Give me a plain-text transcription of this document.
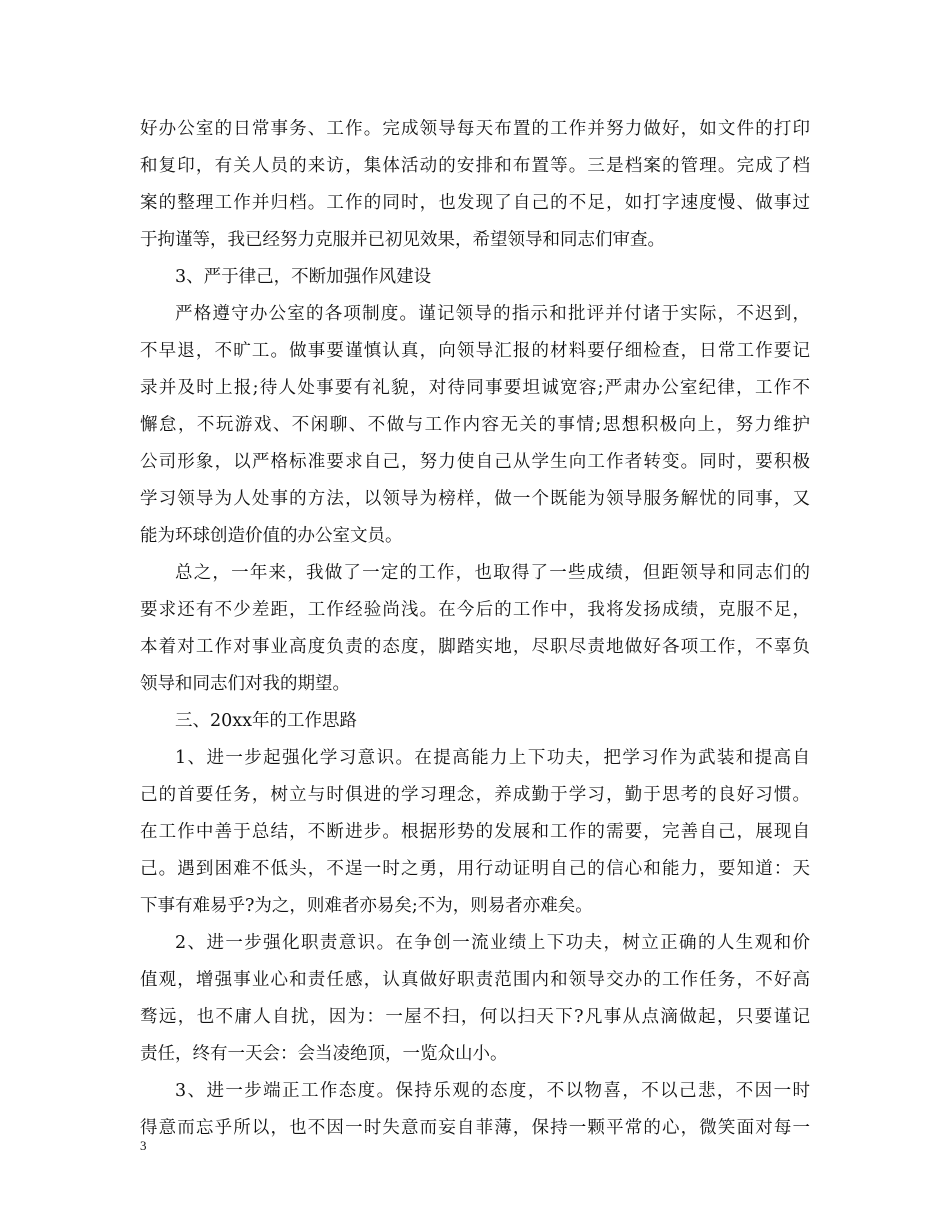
好办公室的日常事务、工作。完成领导每天布置的工作并努力做好，如文件的打印
和复印，有关人员的来访，集体活动的安排和布置等。三是档案的管理。完成了档
案的整理工作并归档。工作的同时，也发现了自己的不足，如打字速度慢、做事过
于拘谨等，我已经努力克服并已初见效果，希望领导和同志们审查。
3、严于律己，不断加强作风建设
严格遵守办公室的各项制度。谨记领导的指示和批评并付诸于实际，不迟到，
不早退，不旷工。做事要谨慎认真，向领导汇报的材料要仔细检查，日常工作要记
录并及时上报;待人处事要有礼貌，对待同事要坦诚宽容;严肃办公室纪律，工作不
懈怠，不玩游戏、不闲聊、不做与工作内容无关的事情;思想积极向上，努力维护
公司形象，以严格标准要求自己，努力使自己从学生向工作者转变。同时，要积极
学习领导为人处事的方法，以领导为榜样，做一个既能为领导服务解忧的同事，又
能为环球创造价值的办公室文员。
总之，一年来，我做了一定的工作，也取得了一些成绩，但距领导和同志们的
要求还有不少差距，工作经验尚浅。在今后的工作中，我将发扬成绩，克服不足，
本着对工作对事业高度负责的态度，脚踏实地，尽职尽责地做好各项工作，不辜负
领导和同志们对我的期望。
三、20xx年的工作思路
1、进一步起强化学习意识。在提高能力上下功夫，把学习作为武装和提高自
己的首要任务，树立与时俱进的学习理念，养成勤于学习，勤于思考的良好习惯。
在工作中善于总结，不断进步。根据形势的发展和工作的需要，完善自己，展现自
己。遇到困难不低头，不逞一时之勇，用行动证明自己的信心和能力，要知道：天
下事有难易乎?为之，则难者亦易矣;不为，则易者亦难矣。
2、进一步强化职责意识。在争创一流业绩上下功夫，树立正确的人生观和价
值观，增强事业心和责任感，认真做好职责范围内和领导交办的工作任务，不好高
骛远，也不庸人自扰，因为：一屋不扫，何以扫天下?凡事从点滴做起，只要谨记
责任，终有一天会：会当凌绝顶，一览众山小。
3、进一步端正工作态度。保持乐观的态度，不以物喜，不以己悲，不因一时
得意而忘乎所以，也不因一时失意而妄自菲薄，保持一颗平常的心，微笑面对每一
3
